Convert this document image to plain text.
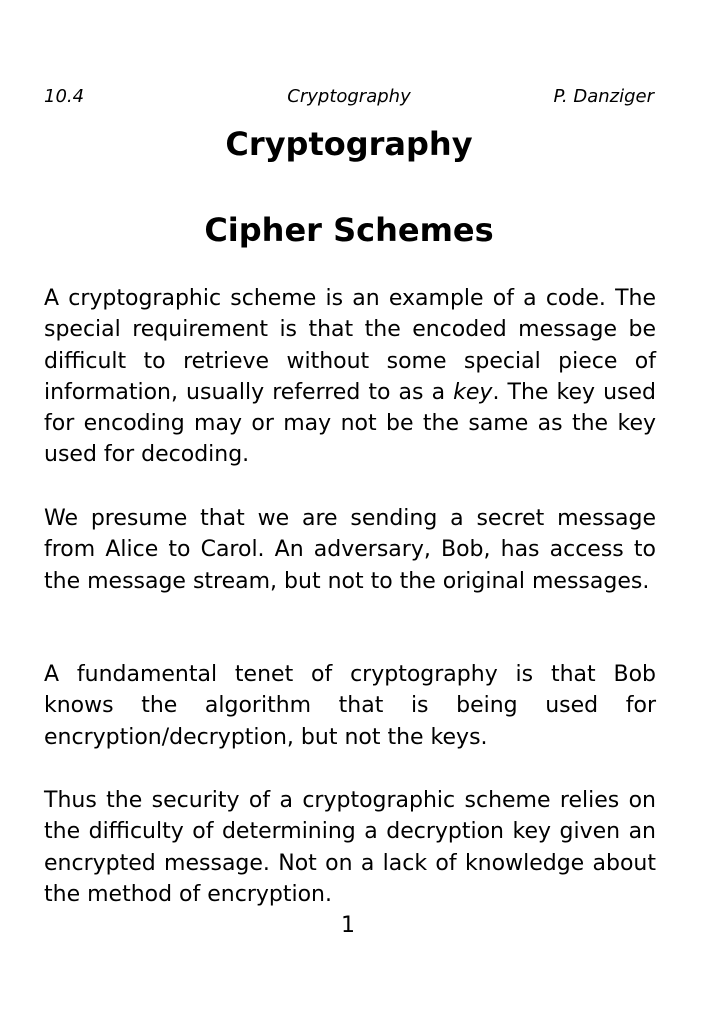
10.4	Cryptography	P. Danziger
Cryptography
Cipher Schemes
A cryptographic scheme is an example of a code. The special requirement is that the encoded message be difficult to retrieve without some special piece of information, usually referred to as a key. The key used for encoding may or may not be the same as the key used for decoding.
We presume that we are sending a secret message from Alice to Carol. An adversary, Bob, has access to the message stream, but not to the original messages.
A fundamental tenet of cryptography is that Bob knows the algorithm that is being used for encryption/decryption, but not the keys.
Thus the security of a cryptographic scheme relies on the difficulty of determining a decryption key given an encrypted message. Not on a lack of knowledge about the method of encryption.
1
